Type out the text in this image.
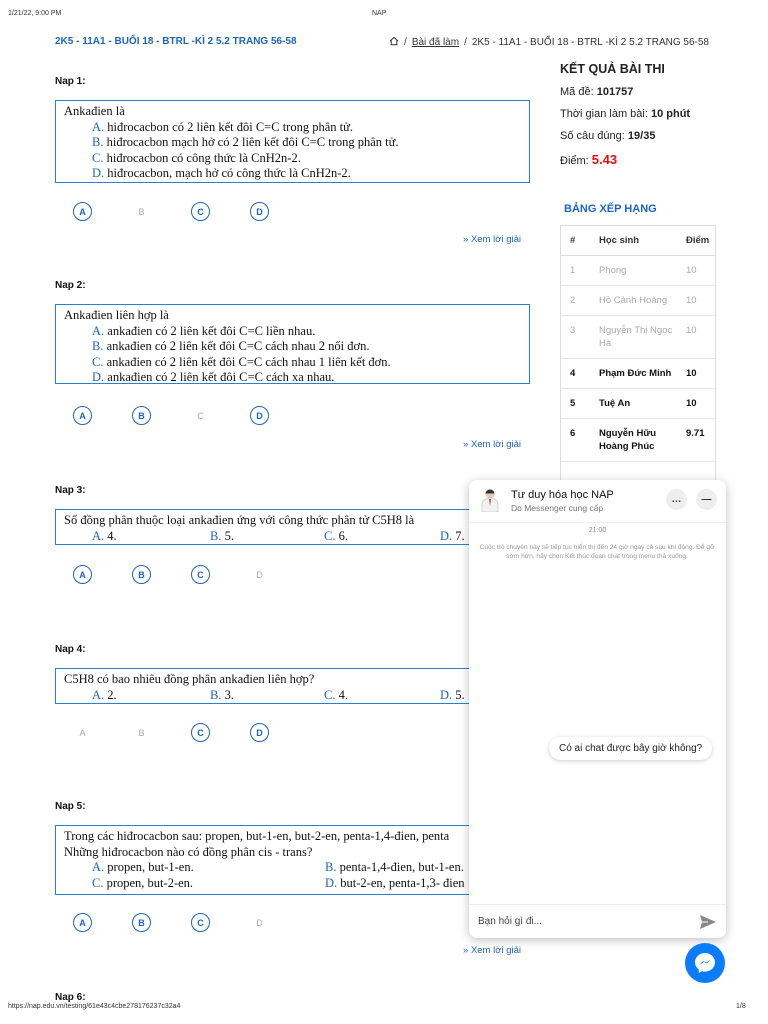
1/21/22, 9:00 PM	NAP
https://nap.edu.vn/testing/61e43c4cbe278176237c32a4	1/8
2K5 - 11A1 - BUỔI 18 - BTRL -KÌ 2 5.2 TRANG 56-58	/ Bài đã làm / 2K5 - 11A1 - BUỔI 18 - BTRL -KÌ 2 5.2 TRANG 56-58
Nap 1:
Ankađien là
A. hiđrocacbon có 2 liên kết đôi C=C trong phân tử.
B. hiđrocacbon mạch hở có 2 liên kết đôi C=C trong phân tử.
C. hiđrocacbon có công thức là CnH2n-2.
D. hiđrocacbon, mạch hở có công thức là CnH2n-2.
A	B	C	D
» Xem lời giải
Nap 2:
Ankađien liên hợp là
A. ankađien có 2 liên kết đôi C=C liền nhau.
B. ankađien có 2 liên kết đôi C=C cách nhau 2 nối đơn.
C. ankađien có 2 liên kết đôi C=C cách nhau 1 liên kết đơn.
D. ankađien có 2 liên kết đôi C=C cách xa nhau.
A	B	C	D
» Xem lời giải
Nap 3:
Số đồng phân thuộc loại ankađien ứng với công thức phân tử C5H8 là
A. 4.	B. 5.	C. 6.	D. 7.
A	B	C	D
Nap 4:
C5H8 có bao nhiêu đồng phân ankađien liên hợp?
A. 2.	B. 3.	C. 4.	D. 5.
A	B	C	D
Nap 5:
Trong các hiđrocacbon sau: propen, but-1-en, but-2-en, penta-1,4-đien, penta
Những hiđrocacbon nào có đồng phân cis - trans?
A. propen, but-1-en.	B. penta-1,4-đien, but-1-en.
C. propen, but-2-en.	D. but-2-en, penta-1,3- đien
A	B	C	D
» Xem lời giải
Nap 6:
KẾT QUẢ BÀI THI
Mã đề: 101757
Thời gian làm bài: 10 phút
Số câu đúng: 19/35
Điểm: 5.43
BẢNG XẾP HẠNG
#	Học sinh	Điểm
1	Phong	10
2	Hồ Cảnh Hoàng	10
3	Nguyễn Thị Ngọc Hà	10
4	Phạm Đức Minh	10
5	Tuệ An	10
6	Nguyễn Hữu Hoàng Phúc	9.71

Tư duy hóa học NAP
Do Messenger cung cấp
…	—
21:00
Cuộc trò chuyện này sẽ tiếp tục hiển thị đến 24 giờ ngay cả sau khi đóng. Để gỡ sớm hơn, hãy chọn Kết thúc đoạn chat trong menu thả xuống.
Có ai chat được bây giờ không?
Bạn hỏi gì đi...
